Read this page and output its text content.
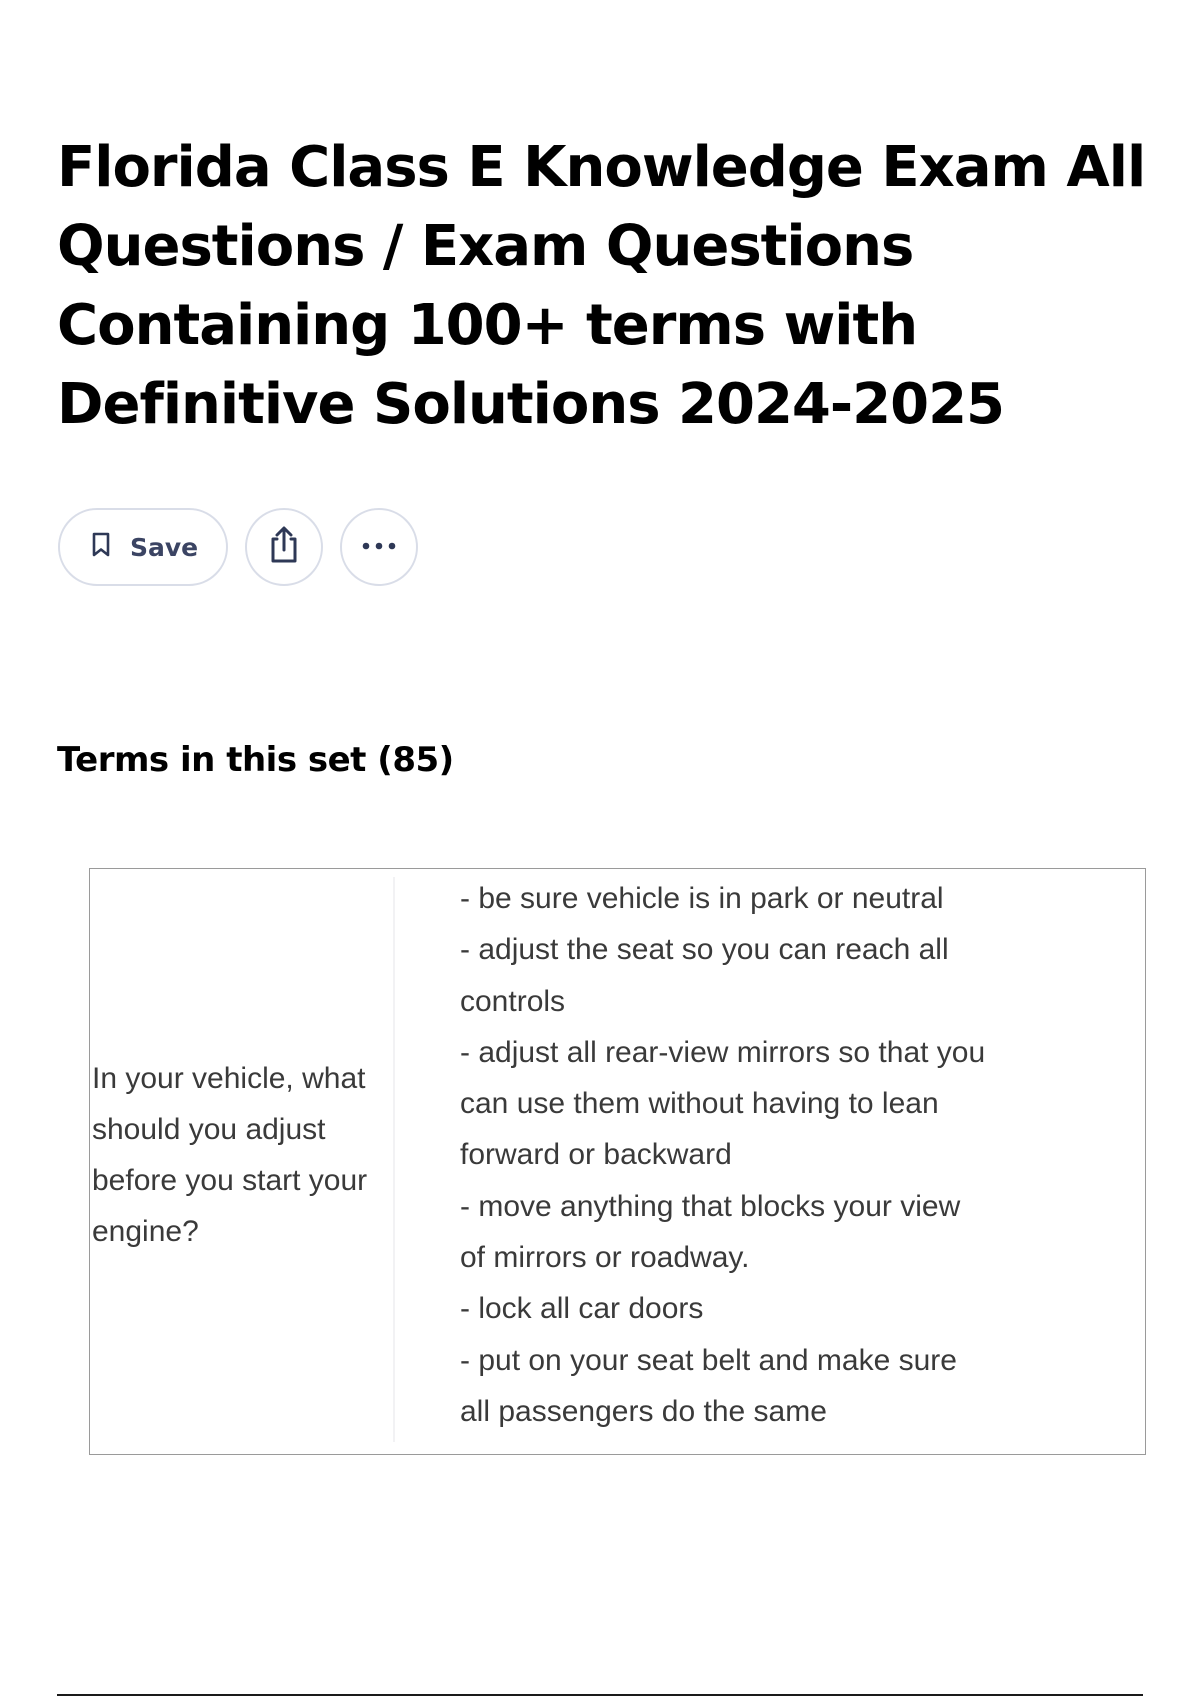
Florida Class E Knowledge Exam All Questions / Exam Questions Containing 100+ terms with Definitive Solutions 2024-2025
Save
Terms in this set (85)
In your vehicle, what should you adjust before you start your engine?
- be sure vehicle is in park or neutral
- adjust the seat so you can reach all
controls
- adjust all rear-view mirrors so that you
can use them without having to lean
forward or backward
- move anything that blocks your view
of mirrors or roadway.
- lock all car doors
- put on your seat belt and make sure
all passengers do the same
